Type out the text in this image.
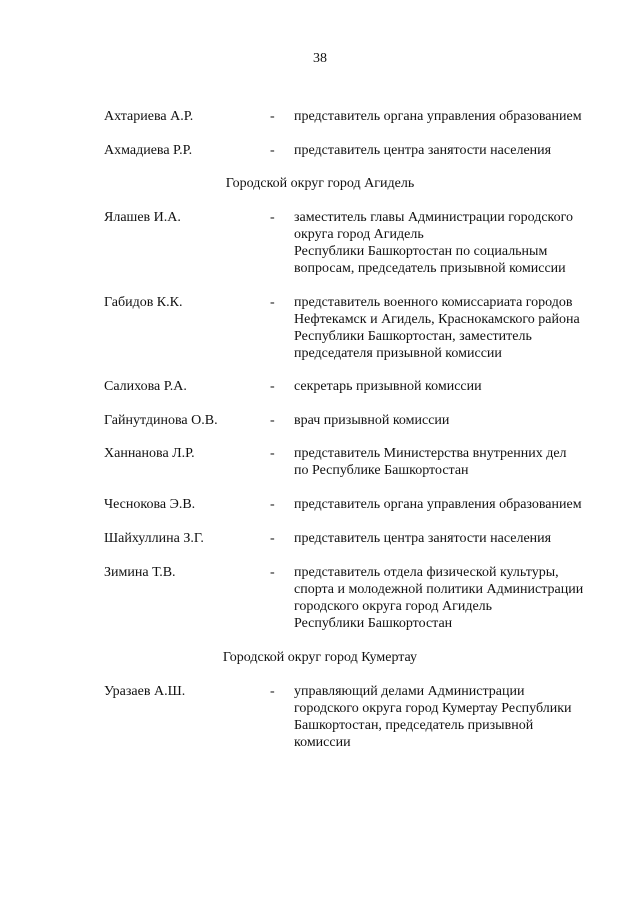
38
Ахтариева А.Р.	-	представитель органа управления образованием
Ахмадиева Р.Р.	-	представитель центра занятости населения
Городской округ город Агидель
Ялашев И.А.	-	заместитель главы Администрации городского
округа город Агидель
Республики Башкортостан по социальным
вопросам, председатель призывной комиссии
Габидов К.К.	-	представитель военного комиссариата городов
Нефтекамск и Агидель, Краснокамского района
Республики Башкортостан, заместитель
председателя призывной комиссии
Салихова Р.А.	-	секретарь призывной комиссии
Гайнутдинова О.В.	-	врач призывной комиссии
Ханнанова Л.Р.	-	представитель Министерства внутренних дел
по Республике Башкортостан
Чеснокова Э.В.	-	представитель органа управления образованием
Шайхуллина З.Г.	-	представитель центра занятости населения
Зимина Т.В.	-	представитель отдела физической культуры,
спорта и молодежной политики Администрации
городского округа город Агидель
Республики Башкортостан
Городской округ город Кумертау
Уразаев А.Ш.	-	управляющий делами Администрации
городского округа город Кумертау Республики
Башкортостан, председатель призывной
комиссии
